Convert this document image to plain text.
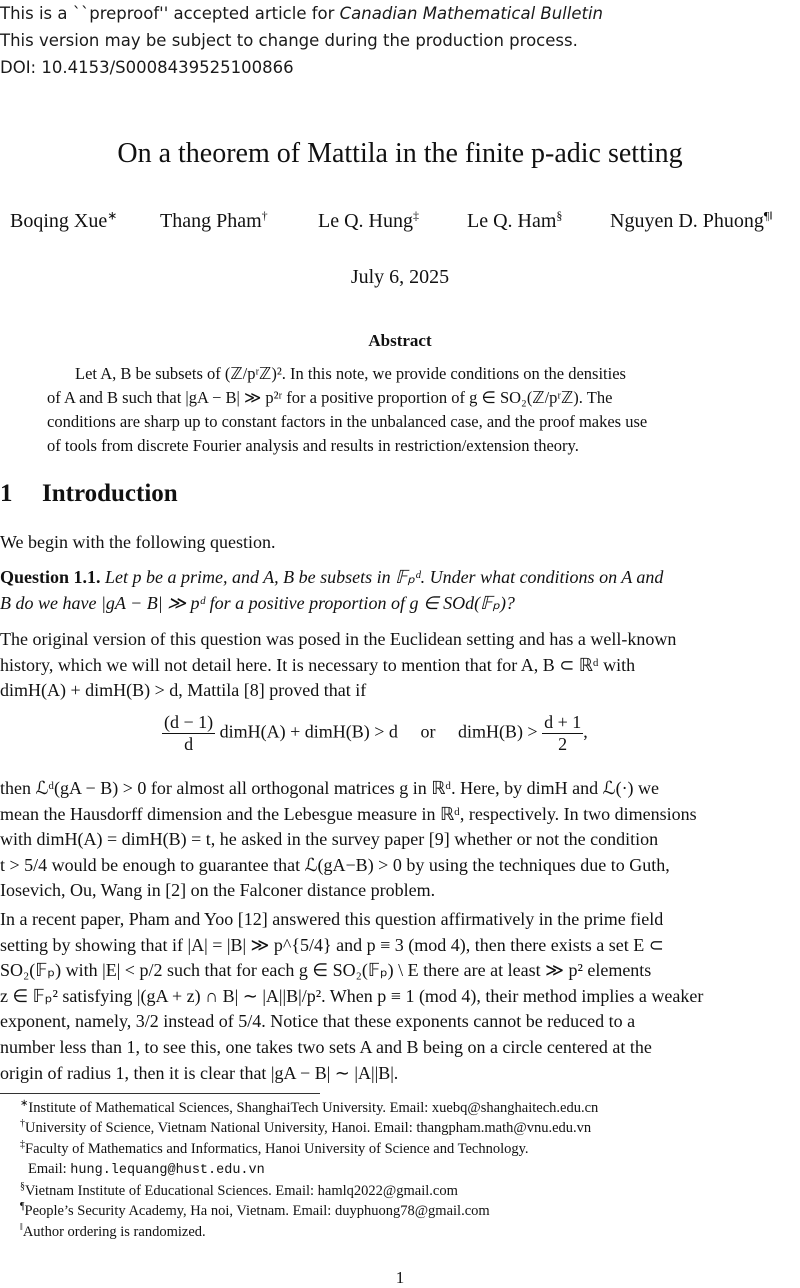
This is a ``preproof'' accepted article for Canadian Mathematical Bulletin
This version may be subject to change during the production process.
DOI: 10.4153/S0008439525100866
On a theorem of Mattila in the finite p-adic setting
Boqing Xue∗ Thang Pham†	Le Q. Hung‡ Le Q. Ham§ Nguyen D. Phuong¶‖
July 6, 2025
Abstract
Let A, B be subsets of (ℤ/pʳℤ)². In this note, we provide conditions on the densities
of A and B such that |gA − B| ≫ p²ʳ for a positive proportion of g ∈ SO₂(ℤ/pʳℤ). The
conditions are sharp up to constant factors in the unbalanced case, and the proof makes use
of tools from discrete Fourier analysis and results in restriction/extension theory.
1 Introduction
We begin with the following question.
Question 1.1. Let p be a prime, and A, B be subsets in 𝔽ₚᵈ. Under what conditions on A and
B do we have |gA − B| ≫ pᵈ for a positive proportion of g ∈ SOd(𝔽ₚ)?
The original version of this question was posed in the Euclidean setting and has a well-known
history, which we will not detail here. It is necessary to mention that for A, B ⊂ ℝᵈ with
dimH(A) + dimH(B) > d, Mattila [8] proved that if
$\frac{(d - 1)}{d}$ dimH(A) + dimH(B) > d or dimH(B) > $\frac{d + 1}{2}$ ,
then ℒᵈ(gA − B) > 0 for almost all orthogonal matrices g in ℝᵈ. Here, by dimH and ℒ(·) we
mean the Hausdorff dimension and the Lebesgue measure in ℝᵈ, respectively. In two dimensions
with dimH(A) = dimH(B) = t, he asked in the survey paper [9] whether or not the condition
t > 5/4 would be enough to guarantee that ℒ(gA−B) > 0 by using the techniques due to Guth,
Iosevich, Ou, Wang in [2] on the Falconer distance problem.
In a recent paper, Pham and Yoo [12] answered this question affirmatively in the prime field
setting by showing that if |A| = |B| ≫ p^{5/4} and p ≡ 3 (mod 4), then there exists a set E ⊂
SO₂(𝔽ₚ) with |E| < p/2 such that for each g ∈ SO₂(𝔽ₚ) \ E there are at least ≫ p² elements
z ∈ 𝔽ₚ² satisfying |(gA + z) ∩ B| ∼ |A||B|/p². When p ≡ 1 (mod 4), their method implies a weaker
exponent, namely, 3/2 instead of 5/4. Notice that these exponents cannot be reduced to a
number less than 1, to see this, one takes two sets A and B being on a circle centered at the
origin of radius 1, then it is clear that |gA − B| ∼ |A||B|.
∗Institute of Mathematical Sciences, ShanghaiTech University. Email: xuebq@shanghaitech.edu.cn
†University of Science, Vietnam National University, Hanoi. Email: thangpham.math@vnu.edu.vn
‡Faculty of Mathematics and Informatics, Hanoi University of Science and Technology.
Email: hung.lequang@hust.edu.vn
§Vietnam Institute of Educational Sciences. Email: hamlq2022@gmail.com
¶People’s Security Academy, Ha noi, Vietnam. Email: duyphuong78@gmail.com
‖Author ordering is randomized.
1
